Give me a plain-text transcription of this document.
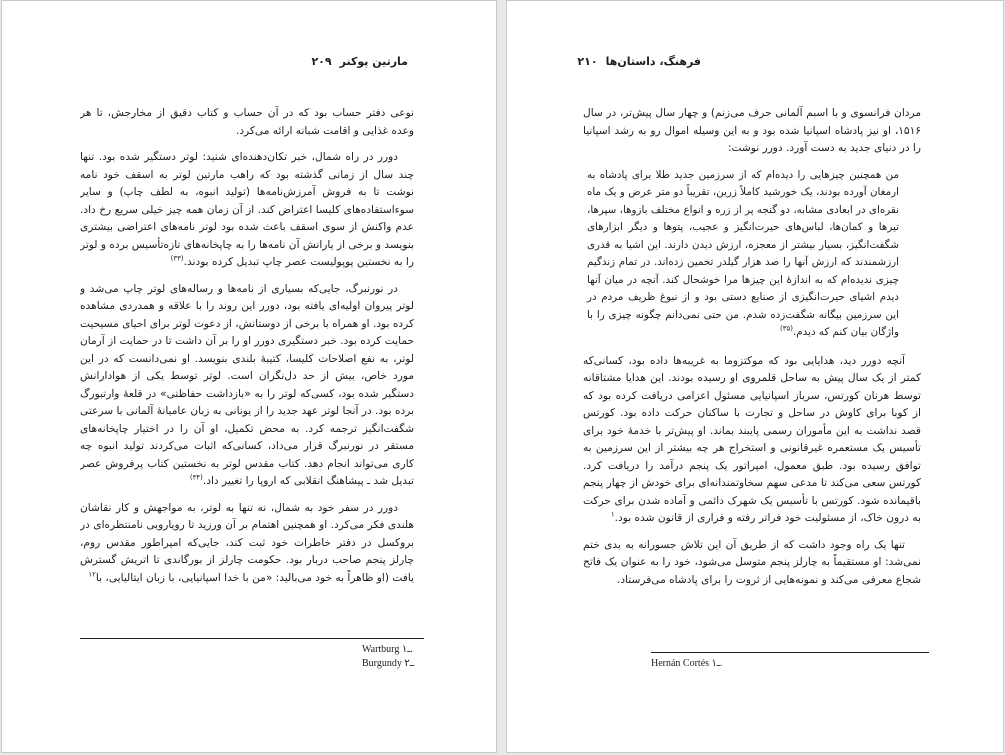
مارتین پوکنر
۲۰۹

نوعی دفتر حساب بود که در آن حساب و کتاب دقیق از مخارجش، تا هر وعده غذایی و اقامت شبانه ارائه می‌کرد.

دورر در راه شمال، خبر تکان‌دهنده‌ای شنید: لوتر دستگیر شده بود. تنها چند سال از زمانی گذشته بود که راهب مارتین لوتر به اسقف خود نامه نوشت تا به فروش آمرزش‌نامه‌ها (تولید انبوه، به لطف چاپ) و سایر سوءاستفاده‌های کلیسا اعتراض کند. از آن زمان همه چیز خیلی سریع رخ داد. عدم واکنش از سوی اسقف باعث شده بود لوتر نامه‌های اعتراضی بیشتری بنویسد و برخی از یارانش آن نامه‌ها را به چاپخانه‌های تازه‌تأسیس برده و لوتر را به نخستین پوپولیست عصر چاپ تبدیل کرده بودند.$^{(۳۳)}$

در نورنبرگ، جایی‌که بسیاری از نامه‌ها و رساله‌های لوتر چاپ می‌شد و لوتر پیروان اولیه‌ای یافته بود، دورر این روند را با علاقه و همدردی مشاهده کرده بود. او همراه با برخی از دوستانش، از دعوت لوتر برای احیای مسیحیت حمایت کرده بود. خبر دستگیری دورر او را بر آن داشت تا در حمایت از آرمان لوتر، به نفع اصلاحات کلیسا، کتیبهٔ بلندی بنویسد. او نمی‌دانست که در این مورد خاص، بیش از حد دل‌نگران است. لوتر توسط یکی از هوادارانش دستگیر شده بود، کسی‌که لوتر را به «بازداشت حفاظتی» در قلعهٔ وارتبورگ برده بود. در آنجا لوتر عهد جدید را از یونانی به زبان عامیانهٔ آلمانی با سرعتی شگفت‌انگیز ترجمه کرد. به محض تکمیل، او آن را در اختیار چاپخانه‌های مستقر در نورنبرگ قرار می‌داد، کسانی‌که اثبات می‌کردند تولید انبوه چه کاری می‌تواند انجام دهد. کتاب مقدس لوتر به نخستین کتاب پرفروش عصر تبدیل شد ـ پیشاهنگ انقلابی که اروپا را تغییر داد.$^{(۳۴)}$

دورر در سفر خود به شمال، نه تنها به لوتر، به مواجهش و کار نقاشان هلندی فکر می‌کرد. او همچنین اهتمام بر آن ورزید تا رویارویی نامنتظره‌ای در بروکسل در دفتر خاطرات خود ثبت کند، جایی‌که امپراطور مقدس روم، چارلز پنجم صاحب دربار بود. حکومت چارلز از بورگاندی تا اتریش گسترش یافت (او ظاهراً به خود می‌بالید: «من با خدا اسپانیایی، با زبان ایتالیایی، با$^{۱۲}$

Wartburg ـ۱.
Burgundy ـ۲.
فرهنگ، داستان‌ها
۲۱۰

مردان فرانسوی و با اسبم آلمانی حرف می‌زنم) و چهار سال پیش‌تر، در سال ۱۵۱۶، او نیز پادشاه اسپانیا شده بود و به این وسیله اموال رو به رشد اسپانیا را در دنیای جدید به دست آورد. دورر نوشت:

من همچنین چیزهایی را دیده‌ام که از سرزمین جدید طلا برای پادشاه به ارمغان آورده بودند، یک خورشید کاملاً زرین، تقریباً دو متر عرض و یک ماه نقره‌ای در ابعادی مشابه، دو گنجه پر از زره و انواع مختلف بازوها، سپرها، تیرها و کمان‌ها، لباس‌های حیرت‌انگیز و عجیب، پتوها و دیگر ابزارهای شگفت‌انگیز، بسیار بیشتر از معجزه، ارزش دیدن دارند. این اشیا به قدری ارزشمندند که ارزش آنها را صد هزار گیلدر تخمین زده‌اند. در تمام زندگیم چیزی ندیده‌ام که به اندازهٔ این چیزها مرا خوشحال کند. آنچه در میان آنها دیدم اشیای حیرت‌انگیزی از صنایع دستی بود و از نبوغ ظریف مردم در این سرزمین بیگانه شگفت‌زده شدم. من حتی نمی‌دانم چگونه چیزی را با واژگان بیان کنم که دیدم.$^{(۳۵)}$

آنچه دورر دید، هدایایی بود که موکتزوما به غریبه‌ها داده بود، کسانی‌که کمتر از یک سال پیش به ساحل قلمروی او رسیده بودند. این هدایا مشتاقانه توسط هرنان کورتس، سرباز اسپانیایی مسئول اعزامی دریافت کرده بود که از کوبا برای کاوش در ساحل و تجارت با ساکنان حرکت داده بود. کورتس قصد نداشت به این مأموران رسمی پایبند بماند. او پیش‌تر با خدمهٔ خود برای تأسیس یک مستعمره غیرقانونی و استخراج هر چه بیشتر از این سرزمین به توافق رسیده بود. طبق معمول، امپراتور یک پنجم درآمد را دریافت کرد. کورتس سعی می‌کند تا مدعی سهم سخاوتمندانه‌ای برای خودش از چهار پنجم باقیمانده شود. کورتس با تأسیس یک شهرک دائمی و آماده شدن برای حرکت به درون خاک، از مسئولیت خود فراتر رفته و فراری از قانون شده بود.$^۱$

تنها یک راه وجود داشت که از طریق آن این تلاش جسورانه به بدی ختم نمی‌شد: او مستقیماً به چارلز پنجم متوسل می‌شود، خود را به عنوان یک فاتح شجاع معرفی می‌کند و نمونه‌هایی از ثروت را برای پادشاه می‌فرستاد.

Hernán Cortés ـ۱.
